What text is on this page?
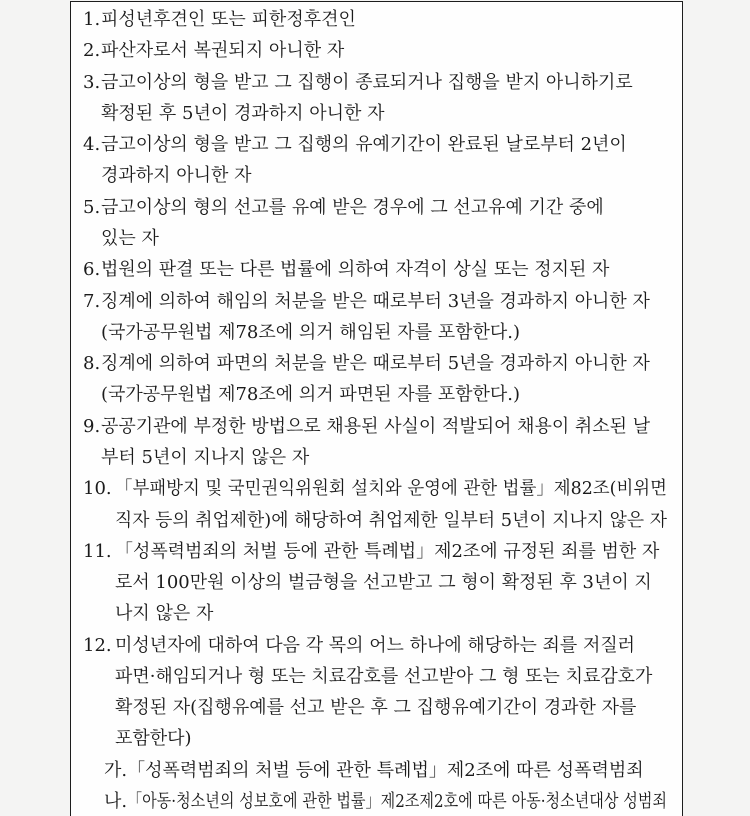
1. 피성년후견인 또는 피한정후견인
2. 파산자로서 복권되지 아니한 자
3. 금고이상의 형을 받고 그 집행이 종료되거나 집행을 받지 아니하기로
확정된 후 5년이 경과하지 아니한 자
4. 금고이상의 형을 받고 그 집행의 유예기간이 완료된 날로부터 2년이
경과하지 아니한 자
5. 금고이상의 형의 선고를 유예 받은 경우에 그 선고유예 기간 중에
있는 자
6. 법원의 판결 또는 다른 법률에 의하여 자격이 상실 또는 정지된 자
7. 징계에 의하여 해임의 처분을 받은 때로부터 3년을 경과하지 아니한 자
(국가공무원법 제78조에 의거 해임된 자를 포함한다.)
8. 징계에 의하여 파면의 처분을 받은 때로부터 5년을 경과하지 아니한 자
(국가공무원법 제78조에 의거 파면된 자를 포함한다.)
9. 공공기관에 부정한 방법으로 채용된 사실이 적발되어 채용이 취소된 날
부터 5년이 지나지 않은 자
10. 「부패방지 및 국민권익위원회 설치와 운영에 관한 법률」제82조(비위면
직자 등의 취업제한)에 해당하여 취업제한 일부터 5년이 지나지 않은 자
11. 「성폭력범죄의 처벌 등에 관한 특례법」제2조에 규정된 죄를 범한 자
로서 100만원 이상의 벌금형을 선고받고 그 형이 확정된 후 3년이 지
나지 않은 자
12. 미성년자에 대하여 다음 각 목의 어느 하나에 해당하는 죄를 저질러
파면·해임되거나 형 또는 치료감호를 선고받아 그 형 또는 치료감호가
확정된 자(집행유예를 선고 받은 후 그 집행유예기간이 경과한 자를
포함한다)
가. 「성폭력범죄의 처벌 등에 관한 특례법」제2조에 따른 성폭력범죄
나. 「아동·청소년의 성보호에 관한 법률」제2조제2호에 따른 아동·청소년대상 성범죄
